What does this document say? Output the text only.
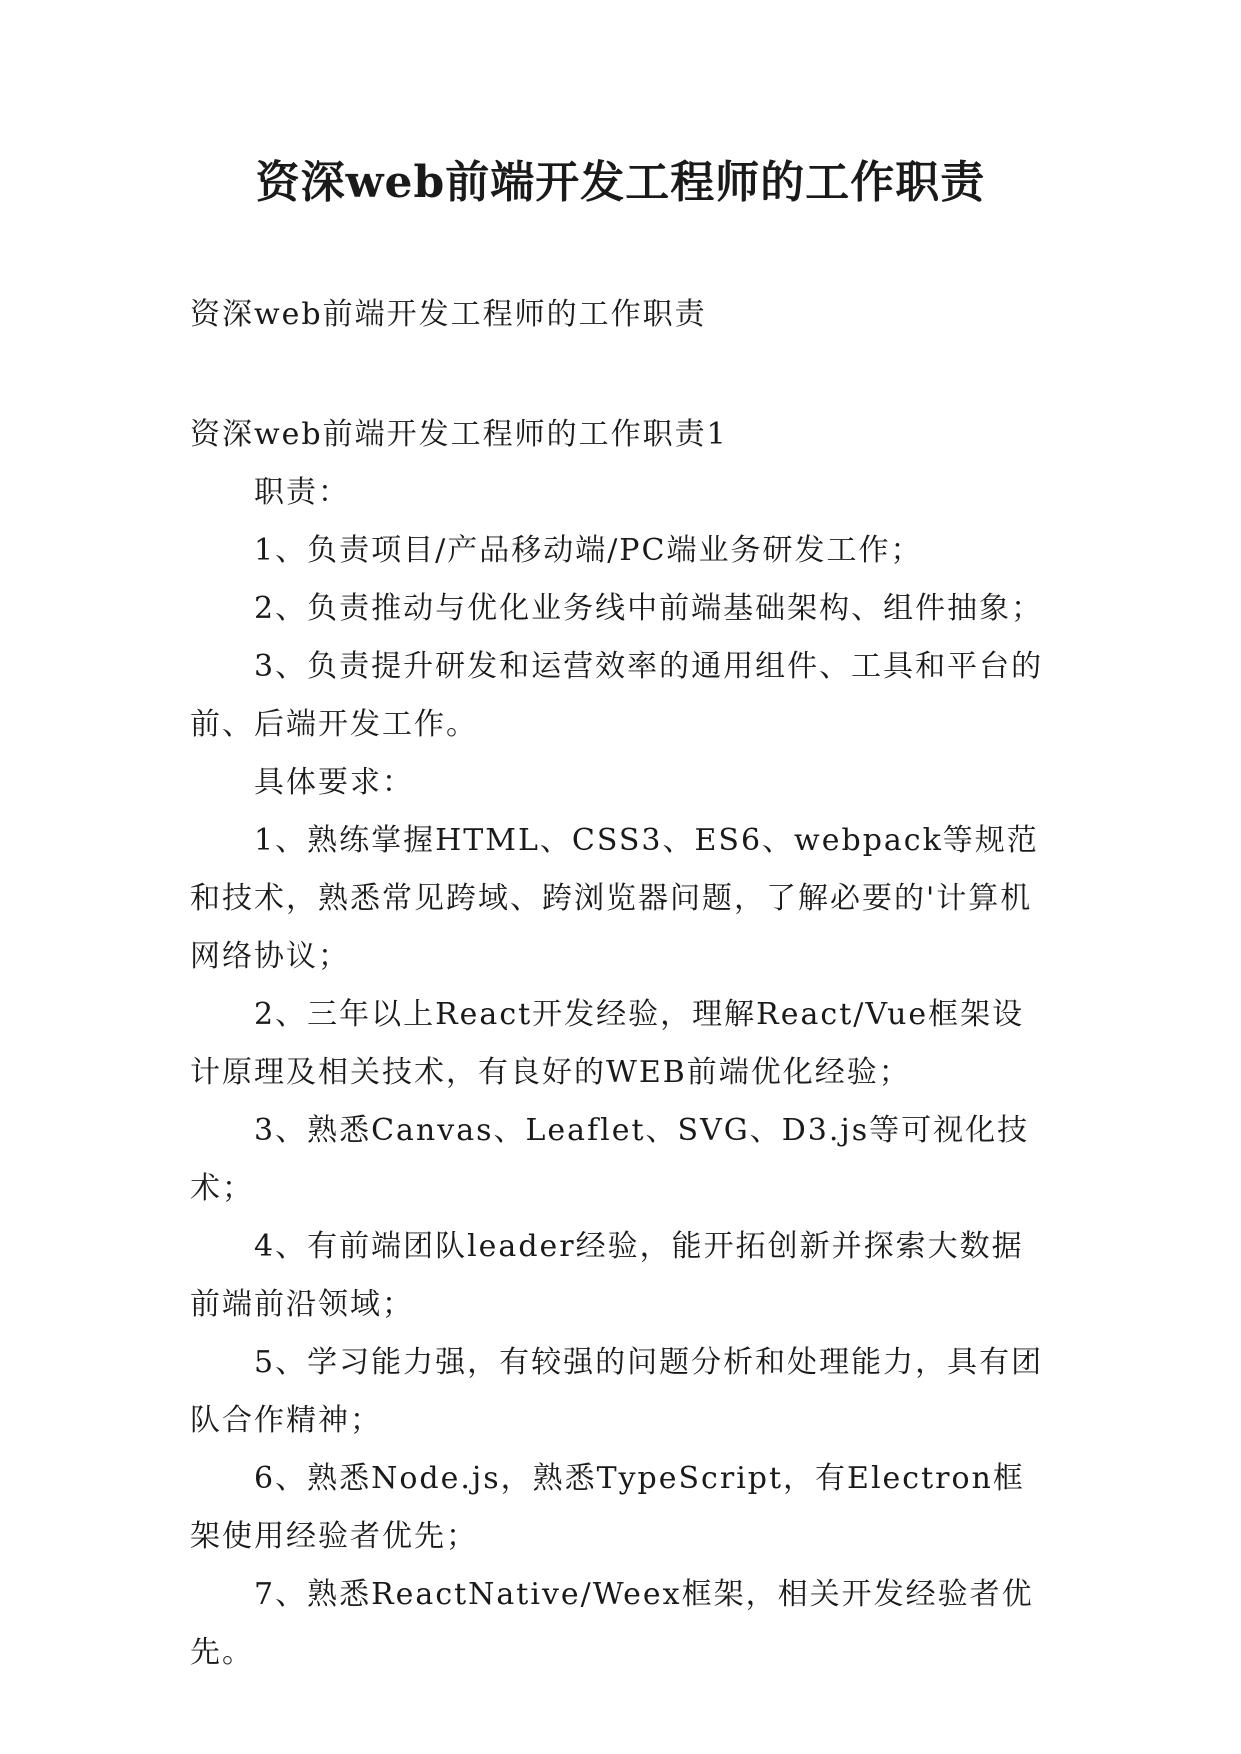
资深web前端开发工程师的工作职责
资深web前端开发工程师的工作职责

资深web前端开发工程师的工作职责1

职责：

1、负责项目/产品移动端/PC端业务研发工作；

2、负责推动与优化业务线中前端基础架构、组件抽象；

3、负责提升研发和运营效率的通用组件、工具和平台的前、后端开发工作。

具体要求：

1、熟练掌握HTML、CSS3、ES6、webpack等规范和技术，熟悉常见跨域、跨浏览器问题，了解必要的'计算机网络协议；

2、三年以上React开发经验，理解React/Vue框架设计原理及相关技术，有良好的WEB前端优化经验；

3、熟悉Canvas、Leaflet、SVG、D3.js等可视化技术；

4、有前端团队leader经验，能开拓创新并探索大数据前端前沿领域；

5、学习能力强，有较强的问题分析和处理能力，具有团队合作精神；

6、熟悉Node.js，熟悉TypeScript，有Electron框架使用经验者优先；

7、熟悉ReactNative/Weex框架，相关开发经验者优先。
